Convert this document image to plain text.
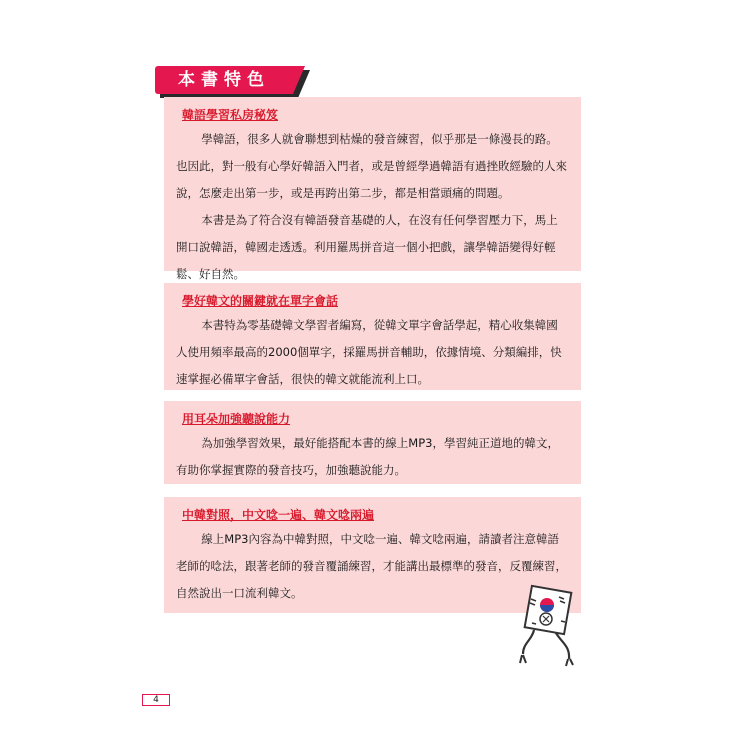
本書特色
韓語學習私房秘笈

學韓語，很多人就會聯想到枯燥的發音練習，似乎那是一條漫長的路。也因此，對一般有心學好韓語入門者，或是曾經學過韓語有過挫敗經驗的人來說，怎麼走出第一步，或是再跨出第二步，都是相當頭痛的問題。

本書是為了符合沒有韓語發音基礎的人，在沒有任何學習壓力下，馬上開口說韓語，韓國走透透。利用羅馬拼音這一個小把戲，讓學韓語變得好輕鬆、好自然。

學好韓文的關鍵就在單字會話

本書特為零基礎韓文學習者編寫，從韓文單字會話學起，精心收集韓國人使用頻率最高的2000個單字，採羅馬拼音輔助，依據情境、分類編排，快速掌握必備單字會話，很快的韓文就能流利上口。

用耳朵加強聽說能力

為加強學習效果，最好能搭配本書的線上MP3，學習純正道地的韓文，有助你掌握實際的發音技巧，加強聽說能力。

中韓對照，中文唸一遍、韓文唸兩遍

線上MP3內容為中韓對照，中文唸一遍、韓文唸兩遍，請讀者注意韓語老師的唸法，跟著老師的發音覆誦練習，才能講出最標準的發音，反覆練習，自然說出一口流利韓文。

4
